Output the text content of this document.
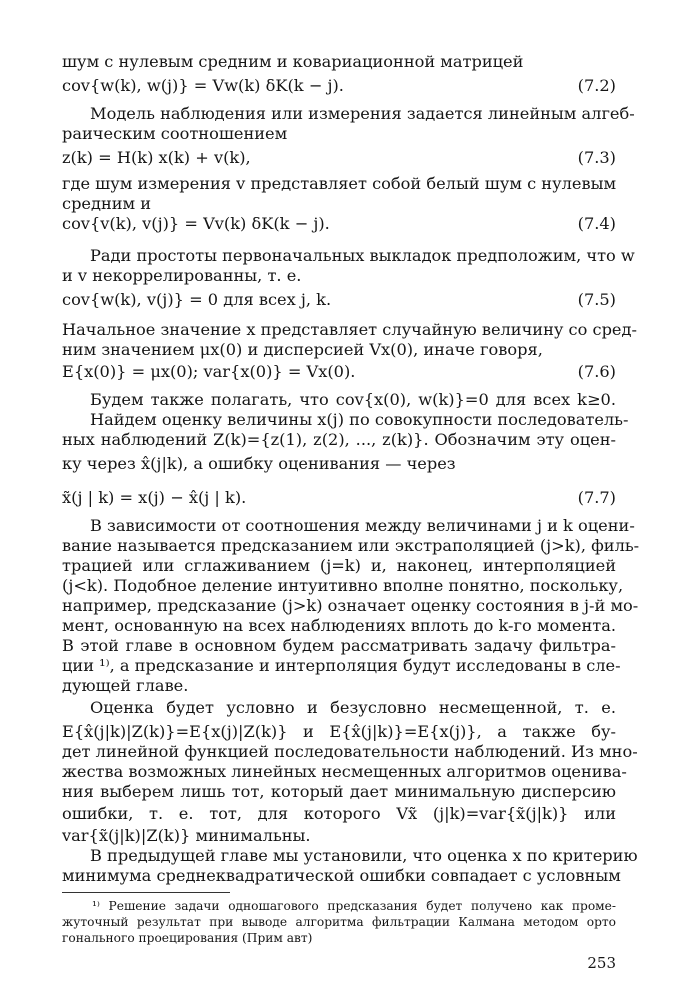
шум с нулевым средним и ковариационной матрицей
cov{w(k), w(j)} = Vw(k) δK(k − j).	(7.2)
Модель наблюдения или измерения задается линейным алгеб-
раическим соотношением
z(k) = H(k) x(k) + v(k),	(7.3)
где шум измерения v представляет собой белый шум с нулевым
средним и
cov{v(k), v(j)} = Vv(k) δK(k − j).	(7.4)
Ради простоты первоначальных выкладок предположим, что w
и v некоррелированны, т. е.
cov{w(k), v(j)} = 0 для всех j, k.	(7.5)
Начальное значение x представляет случайную величину со сред-
ним значением μx(0) и дисперсией Vx(0), иначе говоря,
E{x(0)} = μx(0); var{x(0)} = Vx(0).	(7.6)
Будем также полагать, что cov{x(0), w(k)}=0 для всех k≥0.
Найдем оценку величины x(j) по совокупности последователь-
ных наблюдений Z(k)={z(1), z(2), ..., z(k)}. Обозначим эту оцен-
ку через x̂(j|k), а ошибку оценивания — через
x̃(j | k) = x(j) − x̂(j | k).	(7.7)
В зависимости от соотношения между величинами j и k оцени-
вание называется предсказанием или экстраполяцией (j>k), филь-
трацией или сглаживанием (j=k) и, наконец, интерполяцией
(j<k). Подобное деление интуитивно вполне понятно, поскольку,
например, предсказание (j>k) означает оценку состояния в j-й мо-
мент, основанную на всех наблюдениях вплоть до k-го момента.
В этой главе в основном будем рассматривать задачу фильтра-
ции ¹⁾, а предсказание и интерполяция будут исследованы в сле-
дующей главе.
Оценка будет условно и безусловно несмещенной, т. е.
E{x̂(j|k)|Z(k)}=E{x(j)|Z(k)} и E{x̂(j|k)}=E{x(j)}, а также бу-
дет линейной функцией последовательности наблюдений. Из мно-
жества возможных линейных несмещенных алгоритмов оценива-
ния выберем лишь тот, который дает минимальную дисперсию
ошибки, т. е. тот, для которого Vx̃ (j|k)=var{x̃(j|k)} или
var{x̃(j|k)|Z(k)} минимальны.
В предыдущей главе мы установили, что оценка x по критерию
минимума среднеквадратической ошибки совпадает с условным
¹⁾ Решение задачи одношагового предсказания будет получено как проме-
жуточный результат при выводе алгоритма фильтрации Калмана методом орто
гонального проецирования (Прим авт)
253
